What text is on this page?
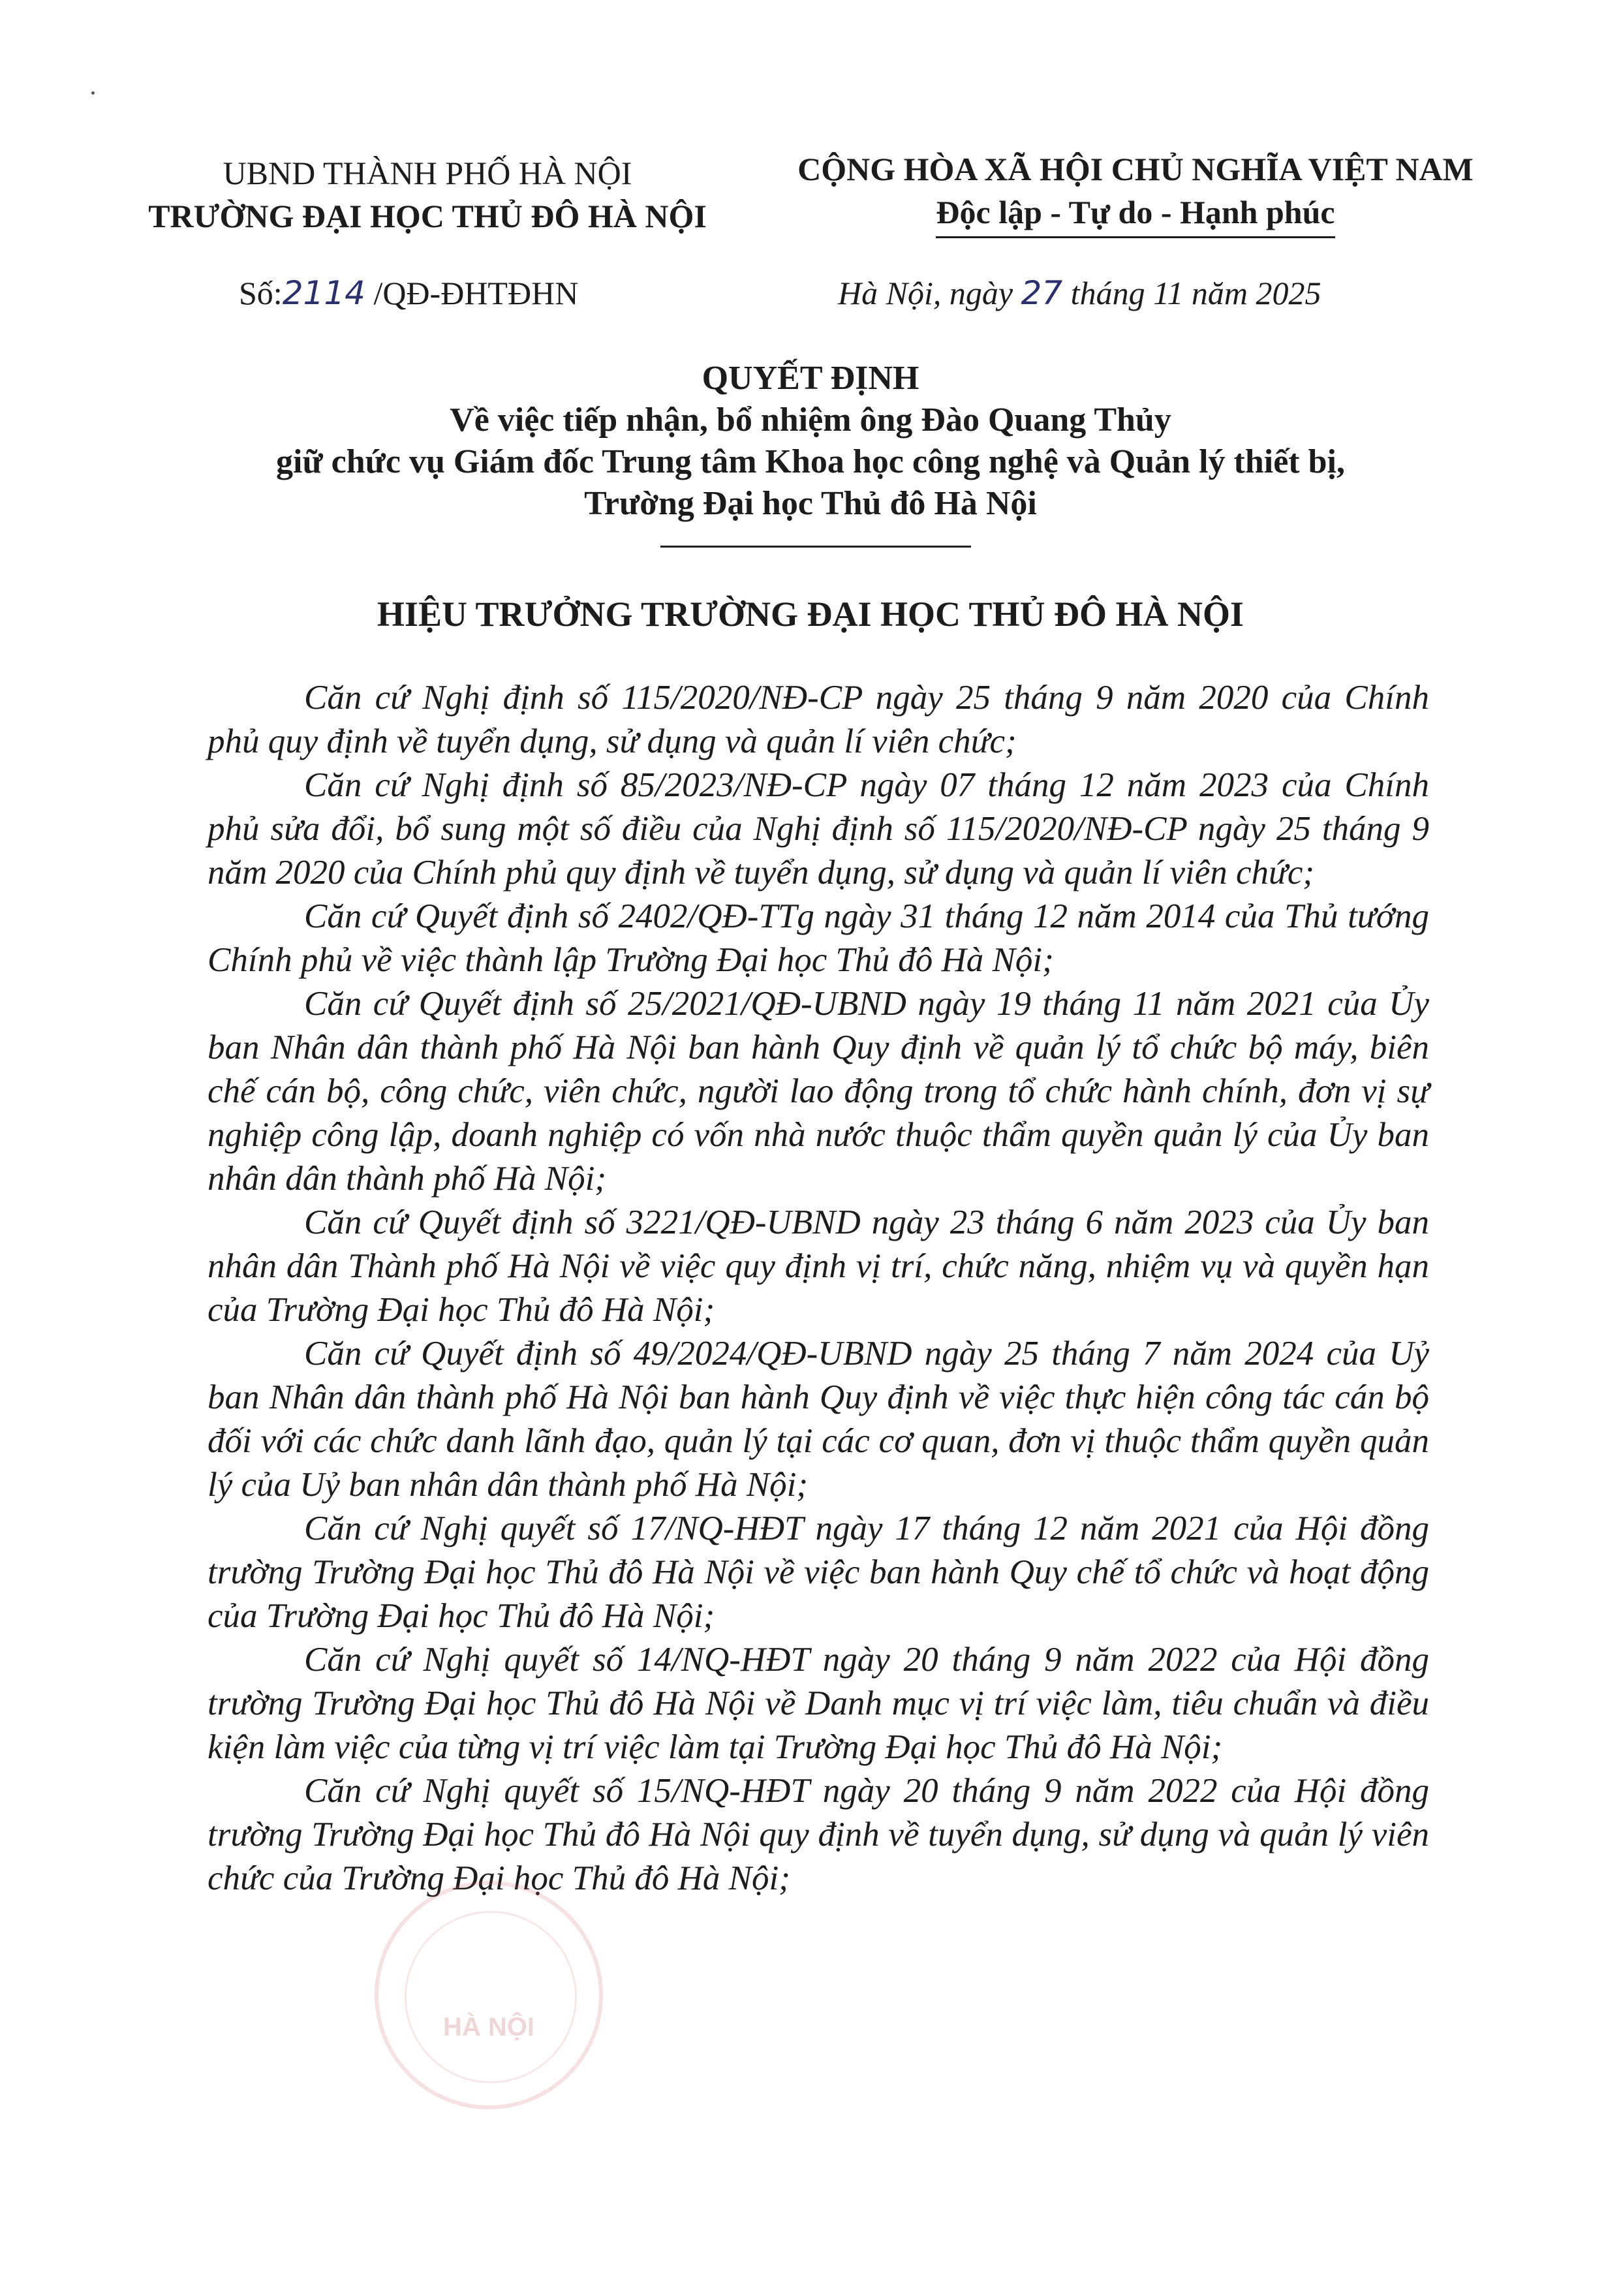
UBND THÀNH PHỐ HÀ NỘI
TRƯỜNG ĐẠI HỌC THỦ ĐÔ HÀ NỘI
CỘNG HÒA XÃ HỘI CHỦ NGHĨA VIỆT NAM
Độc lập - Tự do - Hạnh phúc
Số:2114 /QĐ-ĐHTĐHN	Hà Nội, ngày 27 tháng 11 năm 2025
QUYẾT ĐỊNH
Về việc tiếp nhận, bổ nhiệm ông Đào Quang Thủy
giữ chức vụ Giám đốc Trung tâm Khoa học công nghệ và Quản lý thiết bị,
Trường Đại học Thủ đô Hà Nội
HIỆU TRƯỞNG TRƯỜNG ĐẠI HỌC THỦ ĐÔ HÀ NỘI

Căn cứ Nghị định số 115/2020/NĐ-CP ngày 25 tháng 9 năm 2020 của Chính phủ quy định về tuyển dụng, sử dụng và quản lí viên chức;

Căn cứ Nghị định số 85/2023/NĐ-CP ngày 07 tháng 12 năm 2023 của Chính phủ sửa đổi, bổ sung một số điều của Nghị định số 115/2020/NĐ-CP ngày 25 tháng 9 năm 2020 của Chính phủ quy định về tuyển dụng, sử dụng và quản lí viên chức;

Căn cứ Quyết định số 2402/QĐ-TTg ngày 31 tháng 12 năm 2014 của Thủ tướng Chính phủ về việc thành lập Trường Đại học Thủ đô Hà Nội;

Căn cứ Quyết định số 25/2021/QĐ-UBND ngày 19 tháng 11 năm 2021 của Ủy ban Nhân dân thành phố Hà Nội ban hành Quy định về quản lý tổ chức bộ máy, biên chế cán bộ, công chức, viên chức, người lao động trong tổ chức hành chính, đơn vị sự nghiệp công lập, doanh nghiệp có vốn nhà nước thuộc thẩm quyền quản lý của Ủy ban nhân dân thành phố Hà Nội;

Căn cứ Quyết định số 3221/QĐ-UBND ngày 23 tháng 6 năm 2023 của Ủy ban nhân dân Thành phố Hà Nội về việc quy định vị trí, chức năng, nhiệm vụ và quyền hạn của Trường Đại học Thủ đô Hà Nội;

Căn cứ Quyết định số 49/2024/QĐ-UBND ngày 25 tháng 7 năm 2024 của Uỷ ban Nhân dân thành phố Hà Nội ban hành Quy định về việc thực hiện công tác cán bộ đối với các chức danh lãnh đạo, quản lý tại các cơ quan, đơn vị thuộc thẩm quyền quản lý của Uỷ ban nhân dân thành phố Hà Nội;

Căn cứ Nghị quyết số 17/NQ-HĐT ngày 17 tháng 12 năm 2021 của Hội đồng trường Trường Đại học Thủ đô Hà Nội về việc ban hành Quy chế tổ chức và hoạt động của Trường Đại học Thủ đô Hà Nội;

Căn cứ Nghị quyết số 14/NQ-HĐT ngày 20 tháng 9 năm 2022 của Hội đồng trường Trường Đại học Thủ đô Hà Nội về Danh mục vị trí việc làm, tiêu chuẩn và điều kiện làm việc của từng vị trí việc làm tại Trường Đại học Thủ đô Hà Nội;

Căn cứ Nghị quyết số 15/NQ-HĐT ngày 20 tháng 9 năm 2022 của Hội đồng trường Trường Đại học Thủ đô Hà Nội quy định về tuyển dụng, sử dụng và quản lý viên chức của Trường Đại học Thủ đô Hà Nội;

HÀ NỘI
